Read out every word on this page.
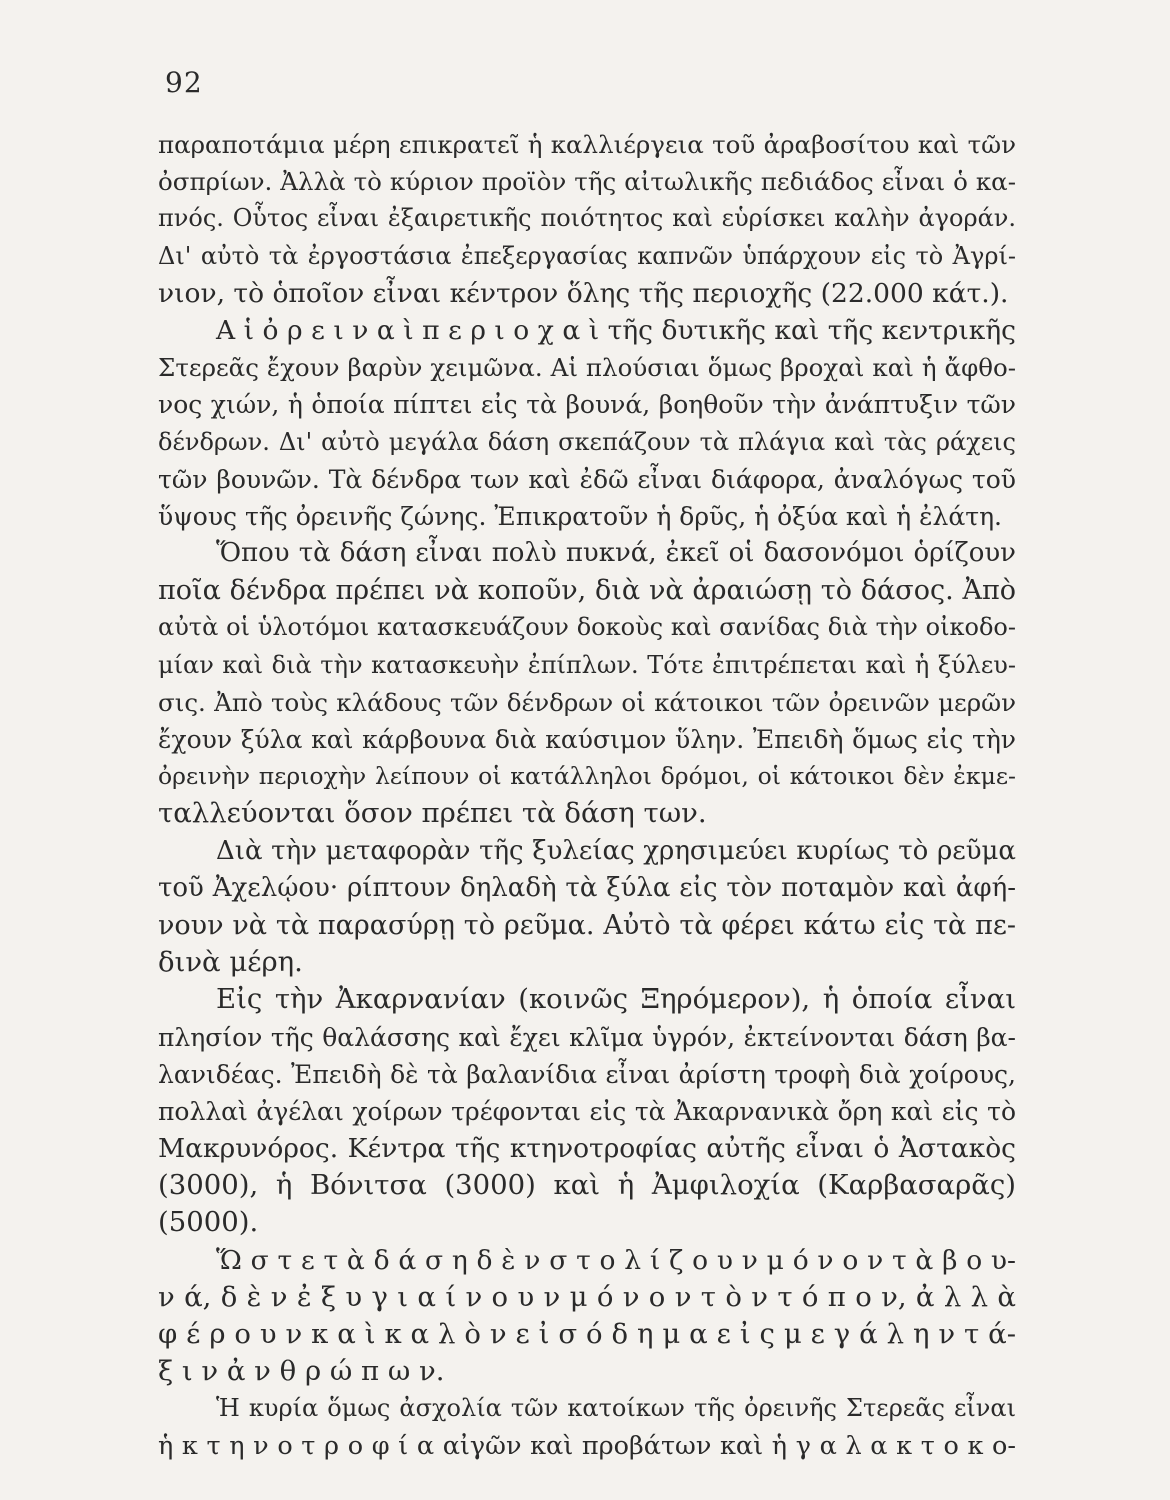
92
παραποτάμια μέρη επικρατεῖ ἡ καλλιέργεια τοῦ ἀραβοσίτου καὶ τῶν
ὀσπρίων. Ἀλλὰ τὸ κύριον προϊὸν τῆς αἰτωλικῆς πεδιάδος εἶναι ὁ κα-
πνός. Οὗτος εἶναι ἐξαιρετικῆς ποιότητος καὶ εὑρίσκει καλὴν ἀγοράν.
Δι' αὐτὸ τὰ ἐργοστάσια ἐπεξεργασίας καπνῶν ὑπάρχουν εἰς τὸ Ἀγρί-
νιον, τὸ ὁποῖον εἶναι κέντρον ὅλης τῆς περιοχῆς (22.000 κάτ.).
Α ἱ ὀ ρ ε ι ν α ὶ π ε ρ ι ο χ α ὶ τῆς δυτικῆς καὶ τῆς κεντρικῆς
Στερεᾶς ἔχουν βαρὺν χειμῶνα. Αἱ πλούσιαι ὅμως βροχαὶ καὶ ἡ ἄφθο-
νος χιών, ἡ ὁποία πίπτει εἰς τὰ βουνά, βοηθοῦν τὴν ἀνάπτυξιν τῶν
δένδρων. Δι' αὐτὸ μεγάλα δάση σκεπάζουν τὰ πλάγια καὶ τὰς ράχεις
τῶν βουνῶν. Τὰ δένδρα των καὶ ἐδῶ εἶναι διάφορα, ἀναλόγως τοῦ
ὕψους τῆς ὀρεινῆς ζώνης. Ἐπικρατοῦν ἡ δρῦς, ἡ ὀξύα καὶ ἡ ἐλάτη.
Ὅπου τὰ δάση εἶναι πολὺ πυκνά, ἐκεῖ οἱ δασονόμοι ὁρίζουν
ποῖα δένδρα πρέπει νὰ κοποῦν, διὰ νὰ ἀραιώσῃ τὸ δάσος. Ἀπὸ
αὐτὰ οἱ ὑλοτόμοι κατασκευάζουν δοκοὺς καὶ σανίδας διὰ τὴν οἰκοδο-
μίαν καὶ διὰ τὴν κατασκευὴν ἐπίπλων. Τότε ἐπιτρέπεται καὶ ἡ ξύλευ-
σις. Ἀπὸ τοὺς κλάδους τῶν δένδρων οἱ κάτοικοι τῶν ὀρεινῶν μερῶν
ἔχουν ξύλα καὶ κάρβουνα διὰ καύσιμον ὕλην. Ἐπειδὴ ὅμως εἰς τὴν
ὀρεινὴν περιοχὴν λείπουν οἱ κατάλληλοι δρόμοι, οἱ κάτοικοι δὲν ἐκμε-
ταλλεύονται ὅσον πρέπει τὰ δάση των.
Διὰ τὴν μεταφορὰν τῆς ξυλείας χρησιμεύει κυρίως τὸ ρεῦμα
τοῦ Ἀχελῴου· ρίπτουν δηλαδὴ τὰ ξύλα εἰς τὸν ποταμὸν καὶ ἀφή-
νουν νὰ τὰ παρασύρῃ τὸ ρεῦμα. Αὐτὸ τὰ φέρει κάτω εἰς τὰ πε-
δινὰ μέρη.
Εἰς τὴν Ἀκαρνανίαν (κοινῶς Ξηρόμερον), ἡ ὁποία εἶναι
πλησίον τῆς θαλάσσης καὶ ἔχει κλῖμα ὑγρόν, ἐκτείνονται δάση βα-
λανιδέας. Ἐπειδὴ δὲ τὰ βαλανίδια εἶναι ἀρίστη τροφὴ διὰ χοίρους,
πολλαὶ ἀγέλαι χοίρων τρέφονται εἰς τὰ Ἀκαρνανικὰ ὄρη καὶ εἰς τὸ
Μακρυνόρος. Κέντρα τῆς κτηνοτροφίας αὐτῆς εἶναι ὁ Ἀστακὸς
(3000), ἡ Βόνιτσα (3000) καὶ ἡ Ἀμφιλοχία (Καρβασαρᾶς)
(5000).
Ὥ σ τ ε τ ὰ δ ά σ η δ ὲ ν σ τ ο λ ί ζ ο υ ν μ ό ν ο ν τ ὰ β ο υ-
ν ά, δ ὲ ν ἐ ξ υ γ ι α ί ν ο υ ν μ ό ν ο ν τ ὸ ν τ ό π ο ν, ἀ λ λ ὰ
φ έ ρ ο υ ν κ α ὶ κ α λ ὸ ν ε ἰ σ ό δ η μ α ε ἰ ς μ ε γ ά λ η ν τ ά-
ξ ι ν ἀ ν θ ρ ώ π ω ν.
Ἡ κυρία ὅμως ἀσχολία τῶν κατοίκων τῆς ὀρεινῆς Στερεᾶς εἶναι
ἡ κ τ η ν ο τ ρ ο φ ί α αἰγῶν καὶ προβάτων καὶ ἡ γ α λ α κ τ ο κ ο-
